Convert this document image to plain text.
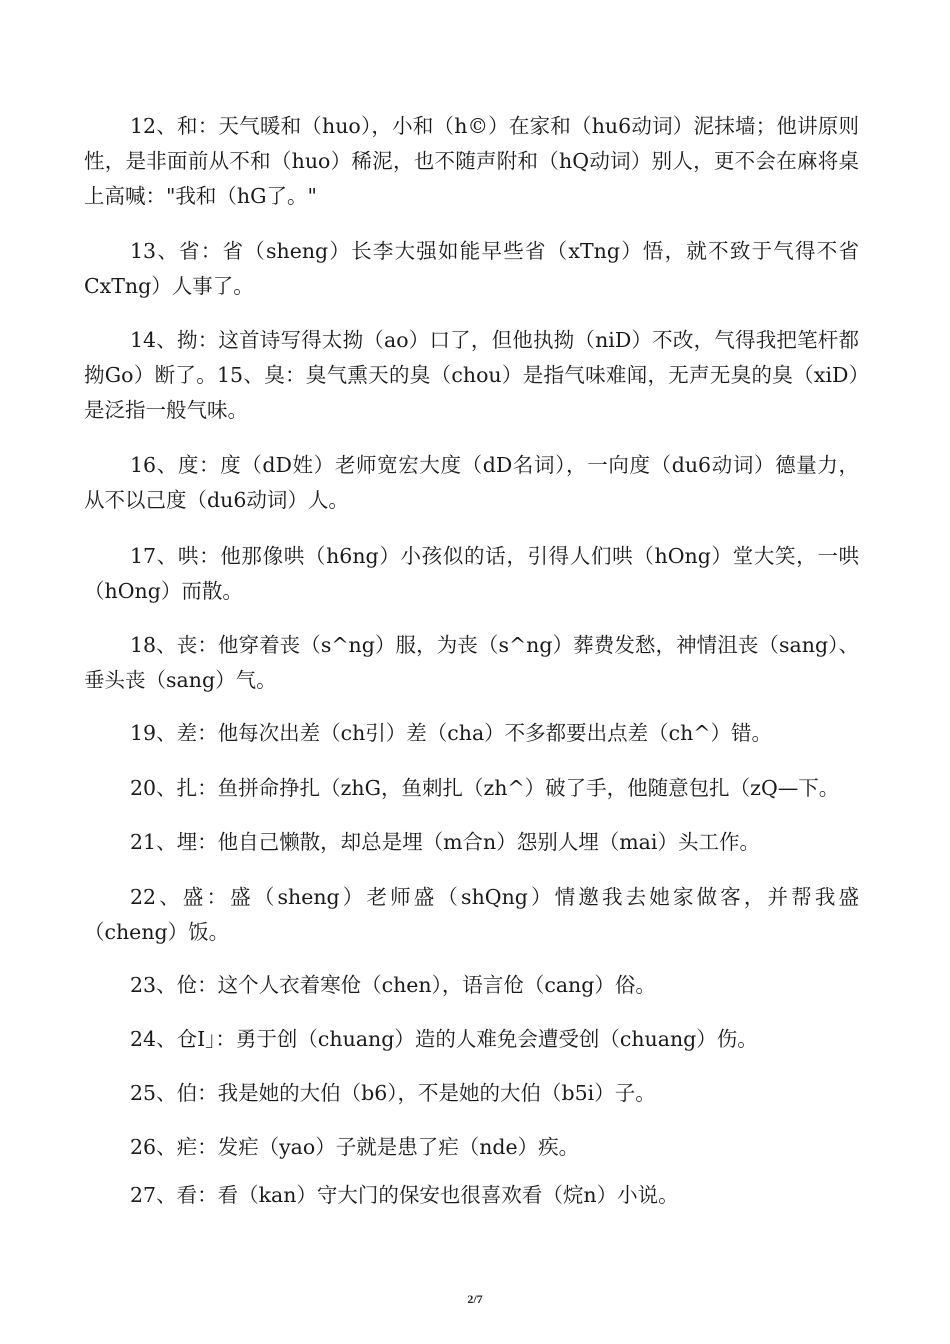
12、和：天气暖和（huo），小和（h©）在家和（hu6动词）泥抹墙；他讲原则性，是非面前从不和（huo）稀泥，也不随声附和（hQ动词）别人，更不会在麻将桌上高喊："我和（hG了。"

13、省：省（sheng）长李大强如能早些省（xTng）悟，就不致于气得不省CxTng）人事了。

14、拗：这首诗写得太拗（ao）口了，但他执拗（niD）不改，气得我把笔杆都拗Go）断了。15、臭：臭气熏天的臭（chou）是指气味难闻，无声无臭的臭（xiD）是泛指一般气味。

16、度：度（dD姓）老师宽宏大度（dD名词），一向度（du6动词）德量力，从不以己度（du6动词）人。

17、哄：他那像哄（h6ng）小孩似的话，引得人们哄（hOng）堂大笑，一哄（hOng）而散。

18、丧：他穿着丧（s^ng）服，为丧（s^ng）葬费发愁，神情沮丧（sang）、垂头丧（sang）气。

19、差：他每次出差（ch引）差（cha）不多都要出点差（ch^）错。

20、扎：鱼拼命挣扎（zhG，鱼刺扎（zh^）破了手，他随意包扎（zQ—下。

21、埋：他自己懒散，却总是埋（m合n）怨别人埋（mai）头工作。

22、盛：盛（sheng）老师盛（shQng）情邀我去她家做客，并帮我盛（cheng）饭。

23、伧：这个人衣着寒伧（chen），语言伧（cang）俗。

24、仓I」：勇于创（chuang）造的人难免会遭受创（chuang）伤。

25、伯：我是她的大伯（b6），不是她的大伯（b5i）子。

26、疟：发疟（yao）子就是患了疟（nde）疾。

27、看：看（kan）守大门的保安也很喜欢看（烷n）小说。

2/7
